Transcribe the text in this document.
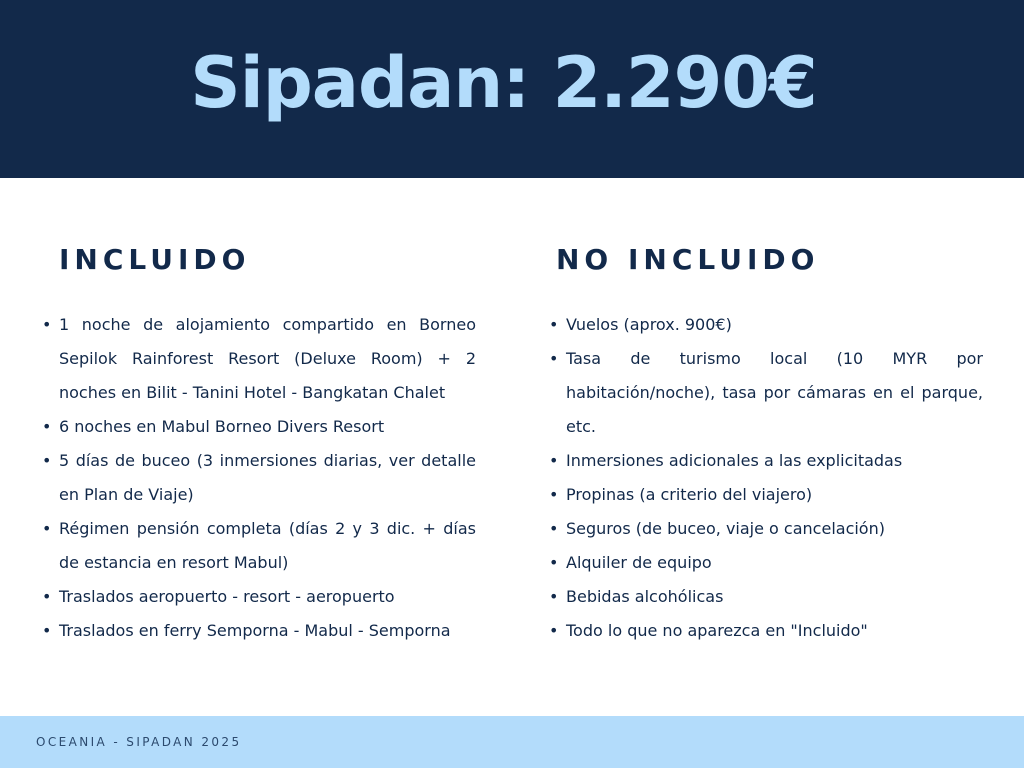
Sipadan: 2.290€
INCLUIDO
• 1 noche de alojamiento compartido en Borneo Sepilok Rainforest Resort (Deluxe Room) + 2 noches en Bilit - Tanini Hotel - Bangkatan Chalet
• 6 noches en Mabul Borneo Divers Resort
• 5 días de buceo (3 inmersiones diarias, ver detalle en Plan de Viaje)
• Régimen pensión completa (días 2 y 3 dic. + días de estancia en resort Mabul)
• Traslados aeropuerto - resort - aeropuerto
• Traslados en ferry Semporna - Mabul - Semporna
NO INCLUIDO
• Vuelos (aprox. 900€)
• Tasa de turismo local (10 MYR por habitación/noche), tasa por cámaras en el parque, etc.
• Inmersiones adicionales a las explicitadas
• Propinas (a criterio del viajero)
• Seguros (de buceo, viaje o cancelación)
• Alquiler de equipo
• Bebidas alcohólicas
• Todo lo que no aparezca en "Incluido"
OCEANIA - SIPADAN 2025
